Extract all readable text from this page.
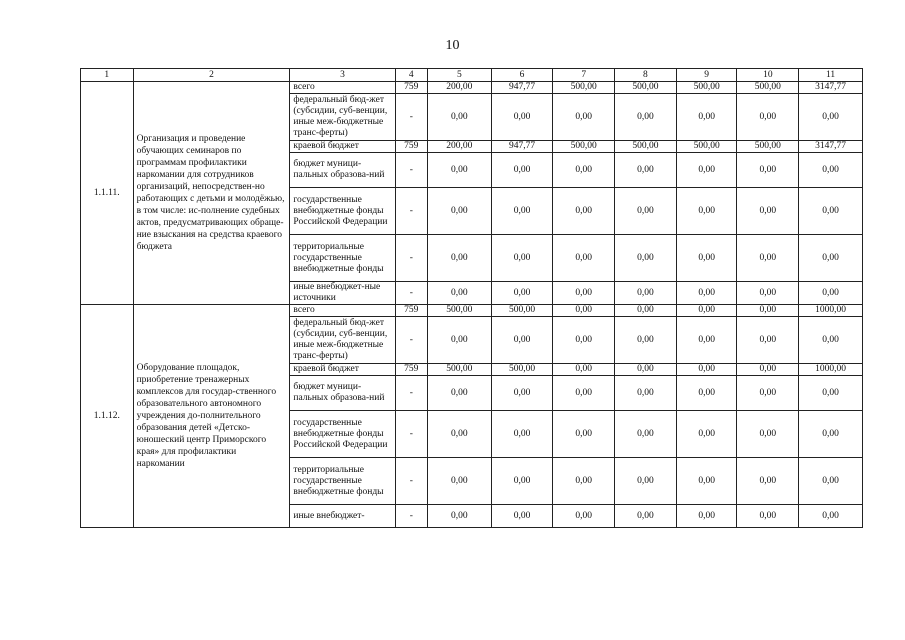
10
1	2	3	4	5	6	7	8	9	10	11
1.1.11.	Организация и проведение обучающих семинаров по программам профилактики наркомании для сотрудников организаций, непосредствен-но работающих с детьми и молодёжью, в том числе: ис-полнение судебных актов, предусматривающих обраще-ние взыскания на средства краевого бюджета	всего	759	200,00	947,77	500,00	500,00	500,00	500,00	3147,77
		федеральный бюд-жет (субсидии, суб-венции, иные меж-бюджетные транс-ферты)	-	0,00	0,00	0,00	0,00	0,00	0,00	0,00
		краевой бюджет	759	200,00	947,77	500,00	500,00	500,00	500,00	3147,77
		бюджет муници-пальных образова-ний	-	0,00	0,00	0,00	0,00	0,00	0,00	0,00
		государственные внебюджетные фонды Российской Федерации	-	0,00	0,00	0,00	0,00	0,00	0,00	0,00
		территориальные государственные внебюджетные фонды	-	0,00	0,00	0,00	0,00	0,00	0,00	0,00
		иные внебюджет-ные источники	-	0,00	0,00	0,00	0,00	0,00	0,00	0,00
1.1.12.	Оборудование площадок, приобретение тренажерных комплексов для государ-ственного образовательного автономного учреждения до-полнительного образования детей «Детско-юношеский центр Приморского края» для профилактики наркомании	всего	759	500,00	500,00	0,00	0,00	0,00	0,00	1000,00
		федеральный бюд-жет (субсидии, суб-венции, иные меж-бюджетные транс-ферты)	-	0,00	0,00	0,00	0,00	0,00	0,00	0,00
		краевой бюджет	759	500,00	500,00	0,00	0,00	0,00	0,00	1000,00
		бюджет муници-пальных образова-ний	-	0,00	0,00	0,00	0,00	0,00	0,00	0,00
		государственные внебюджетные фонды Российской Федерации	-	0,00	0,00	0,00	0,00	0,00	0,00	0,00
		территориальные государственные внебюджетные фонды	-	0,00	0,00	0,00	0,00	0,00	0,00	0,00
		иные внебюджет-	-	0,00	0,00	0,00	0,00	0,00	0,00	0,00
